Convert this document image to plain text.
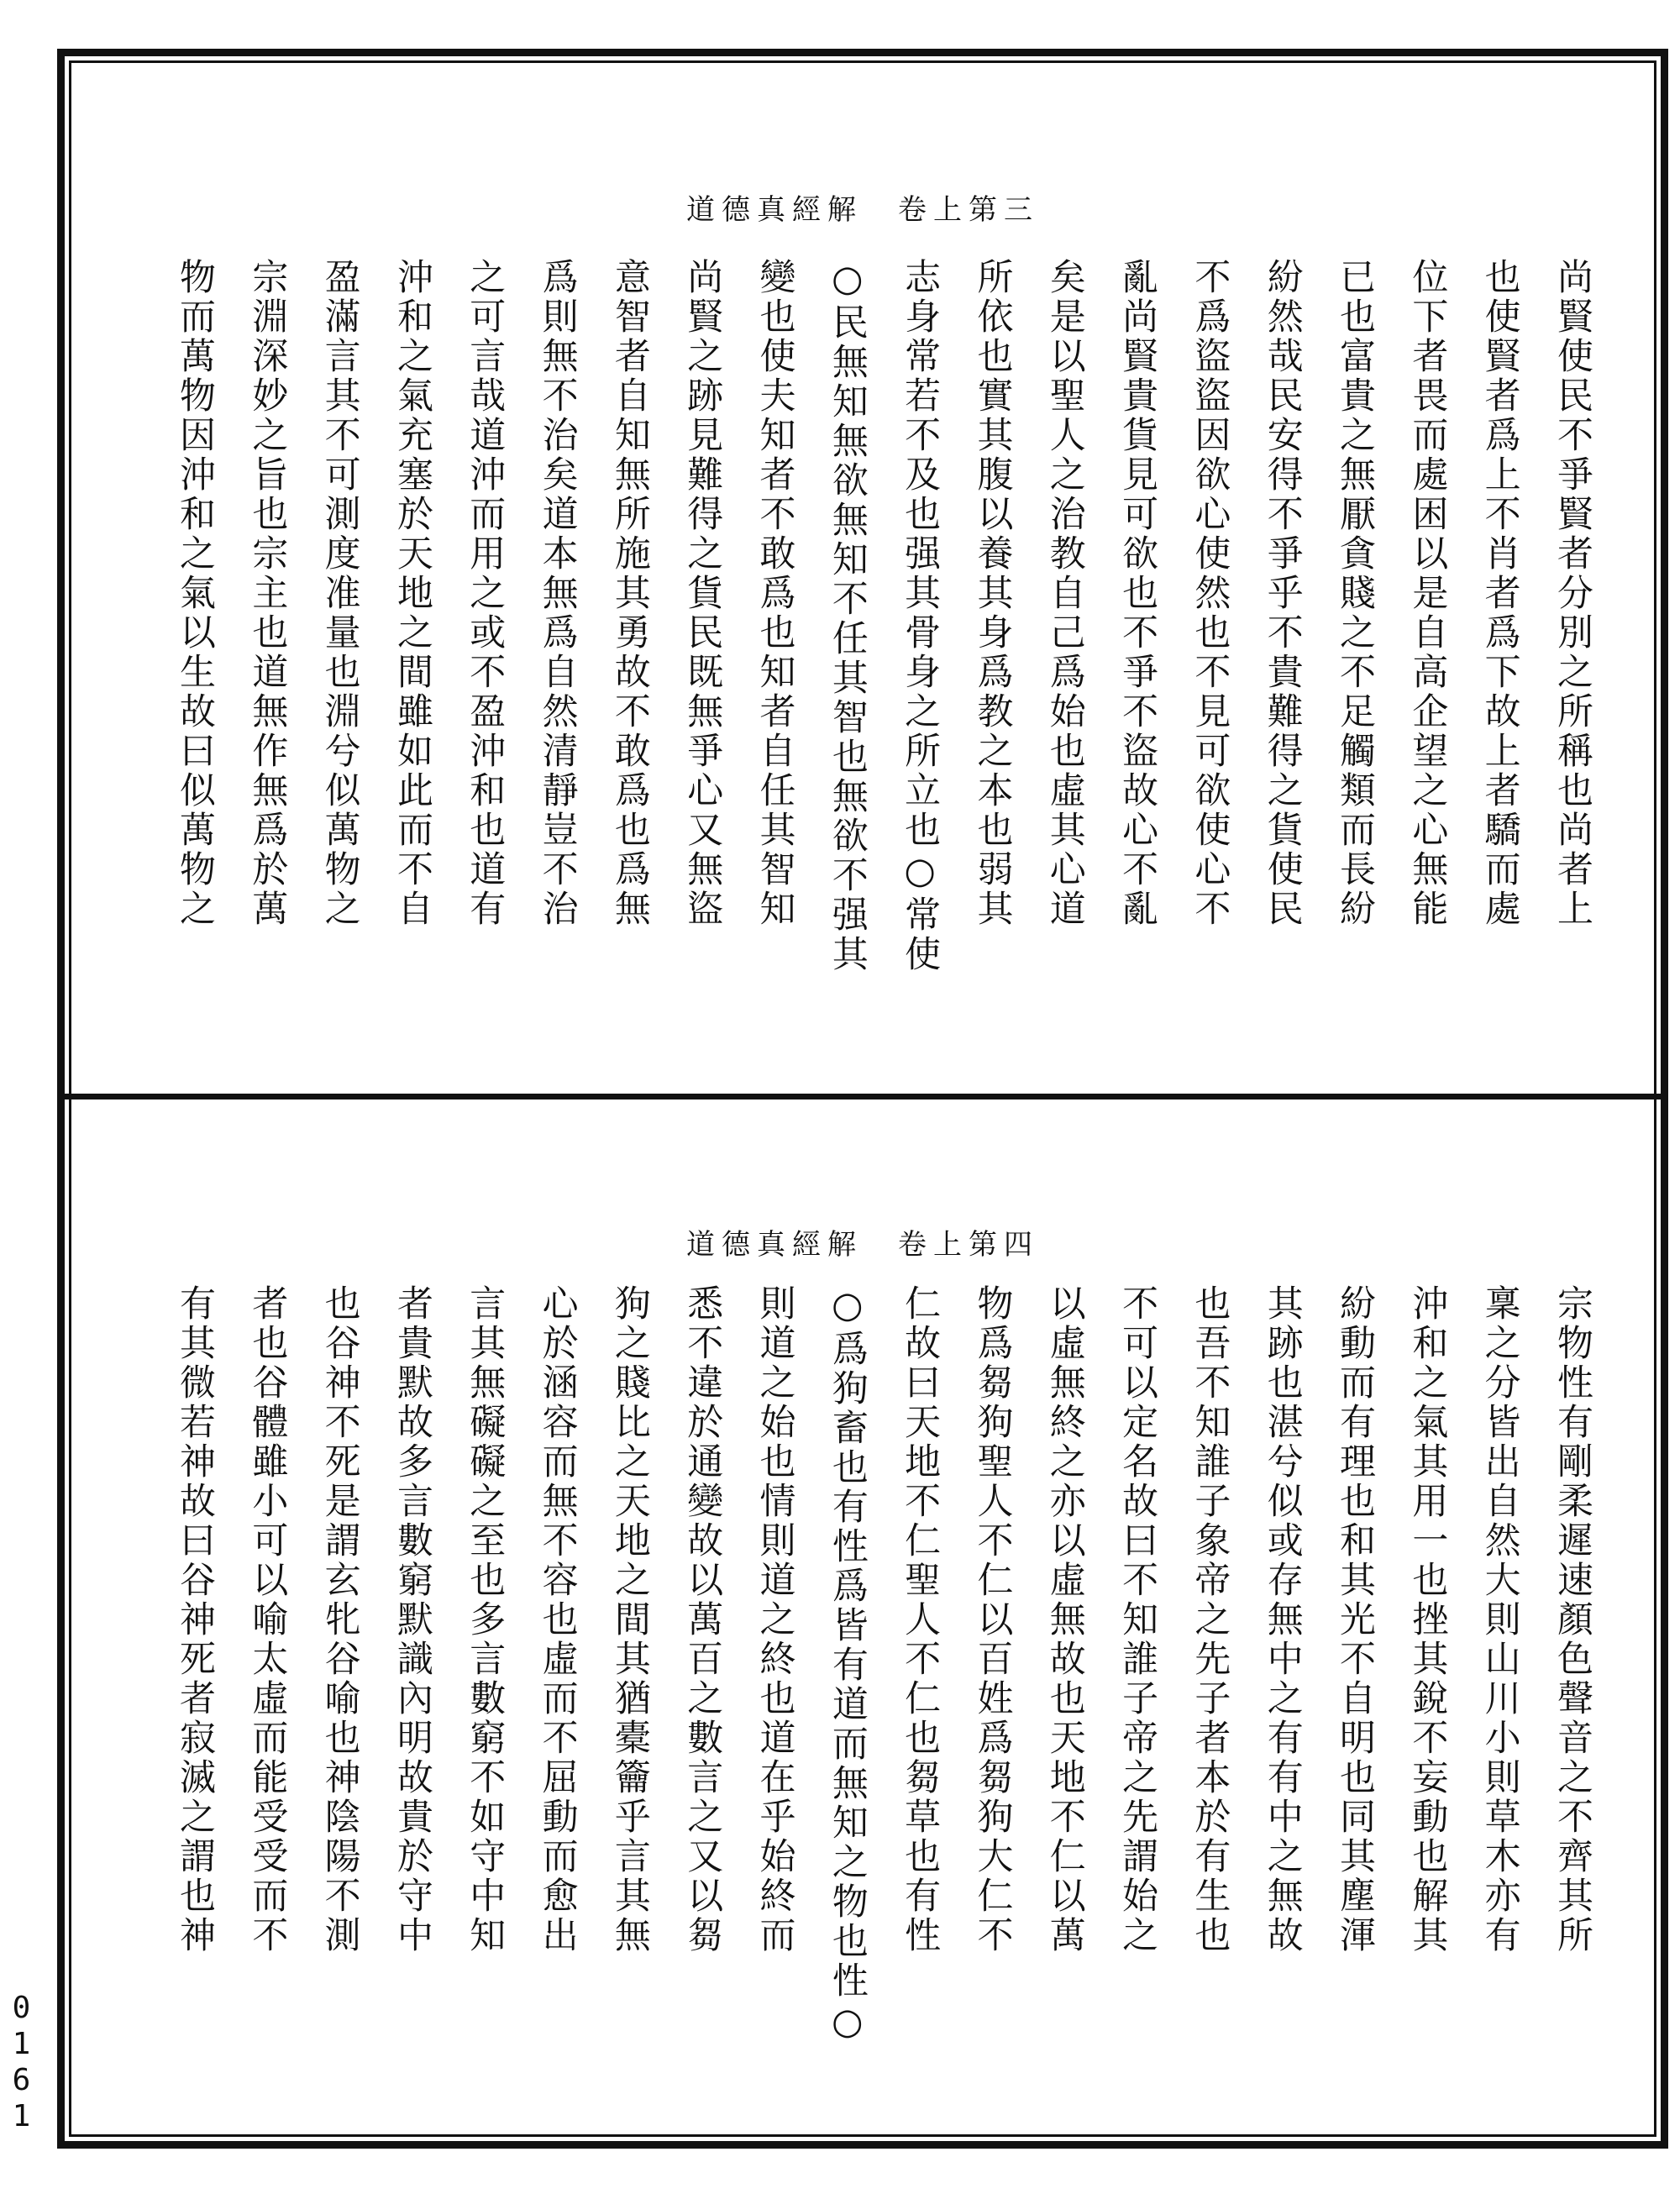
道德真經解　卷上第三
尚賢使民不爭賢者分別之所稱也尚者上
也使賢者爲上不肖者爲下故上者驕而處
位下者畏而處困以是自高企望之心無能
已也富貴之無厭貪賤之不足觸類而長紛
紛然哉民安得不爭乎不貴難得之貨使民
不爲盜盜因欲心使然也不見可欲使心不
亂尚賢貴貨見可欲也不爭不盜故心不亂
矣是以聖人之治教自己爲始也虛其心道
所依也實其腹以養其身爲教之本也弱其
志身常若不及也强其骨身之所立也○常使
○民無知無欲無知不任其智也無欲不强其
變也使夫知者不敢爲也知者自任其智知
尚賢之跡見難得之貨民既無爭心又無盜
意智者自知無所施其勇故不敢爲也爲無
爲則無不治矣道本無爲自然清靜豈不治
之可言哉道沖而用之或不盈沖和也道有
沖和之氣充塞於天地之間雖如此而不自
盈滿言其不可測度准量也淵兮似萬物之
宗淵深妙之旨也宗主也道無作無爲於萬
物而萬物因沖和之氣以生故曰似萬物之
道德真經解　卷上第四
宗物性有剛柔遲速顏色聲音之不齊其所
稟之分皆出自然大則山川小則草木亦有
沖和之氣其用一也挫其銳不妄動也解其
紛動而有理也和其光不自明也同其塵渾
其跡也湛兮似或存無中之有有中之無故
也吾不知誰子象帝之先子者本於有生也
不可以定名故曰不知誰子帝之先謂始之
以虛無終之亦以虛無故也天地不仁以萬
物爲芻狗聖人不仁以百姓爲芻狗大仁不
仁故曰天地不仁聖人不仁也芻草也有性
○爲狗畜也有性爲皆有道而無知之物也性○
則道之始也情則道之終也道在乎始終而
悉不違於通變故以萬百之數言之又以芻
狗之賤比之天地之間其猶橐籥乎言其無
心於涵容而無不容也虛而不屈動而愈出
言其無礙礙之至也多言數窮不如守中知
者貴默故多言數窮默識內明故貴於守中
也谷神不死是謂玄牝谷喻也神陰陽不測
者也谷體雖小可以喻太虛而能受受而不
有其微若神故曰谷神死者寂滅之謂也神
0161
